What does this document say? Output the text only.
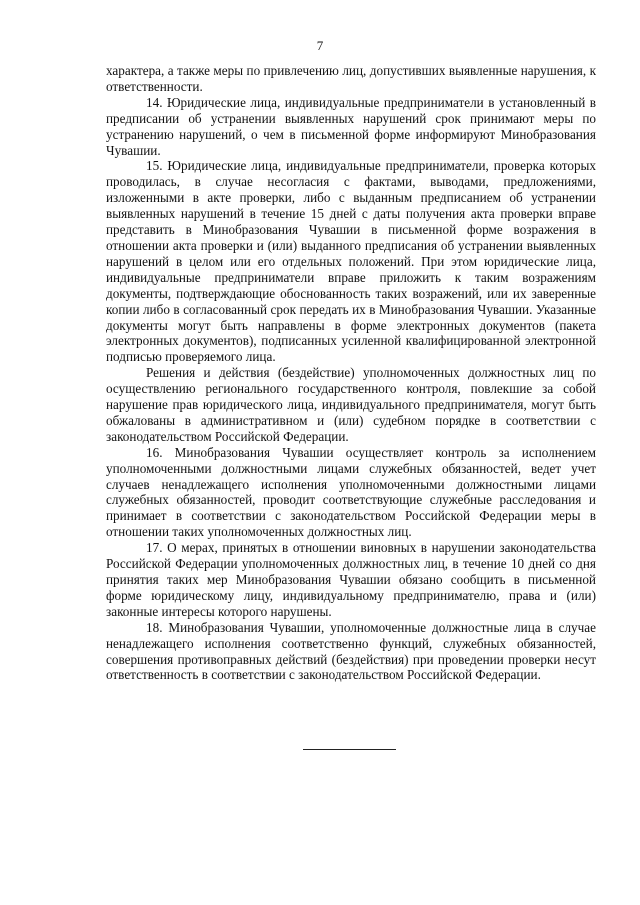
7

характера, а также меры по привлечению лиц, допустивших выявленные нарушения, к ответственности.

14. Юридические лица, индивидуальные предприниматели в установленный в предписании об устранении выявленных нарушений срок принимают меры по устранению нарушений, о чем в письменной форме информируют Минобразования Чувашии.

15. Юридические лица, индивидуальные предприниматели, проверка которых проводилась, в случае несогласия с фактами, выводами, предложениями, изложенными в акте проверки, либо с выданным предписанием об устранении выявленных нарушений в течение 15 дней с даты получения акта проверки вправе представить в Минобразования Чувашии в письменной форме возражения в отношении акта проверки и (или) выданного предписания об устранении выявленных нарушений в целом или его отдельных положений. При этом юридические лица, индивидуальные предприниматели вправе приложить к таким возражениям документы, подтверждающие обоснованность таких возражений, или их заверенные копии либо в согласованный срок передать их в Минобразования Чувашии. Указанные документы могут быть направлены в форме электронных документов (пакета электронных документов), подписанных усиленной квалифицированной электронной подписью проверяемого лица.

Решения и действия (бездействие) уполномоченных должностных лиц по осуществлению регионального государственного контроля, повлекшие за собой нарушение прав юридического лица, индивидуального предпринимателя, могут быть обжалованы в административном и (или) судебном порядке в соответствии с законодательством Российской Федерации.

16. Минобразования Чувашии осуществляет контроль за исполнением уполномоченными должностными лицами служебных обязанностей, ведет учет случаев ненадлежащего исполнения уполномоченными должностными лицами служебных обязанностей, проводит соответствующие служебные расследования и принимает в соответствии с законодательством Российской Федерации меры в отношении таких уполномоченных должностных лиц.

17. О мерах, принятых в отношении виновных в нарушении законодательства Российской Федерации уполномоченных должностных лиц, в течение 10 дней со дня принятия таких мер Минобразования Чувашии обязано сообщить в письменной форме юридическому лицу, индивидуальному предпринимателю, права и (или) законные интересы которого нарушены.

18. Минобразования Чувашии, уполномоченные должностные лица в случае ненадлежащего исполнения соответственно функций, служебных обязанностей, совершения противоправных действий (бездействия) при проведении проверки несут ответственность в соответствии с законодательством Российской Федерации.
